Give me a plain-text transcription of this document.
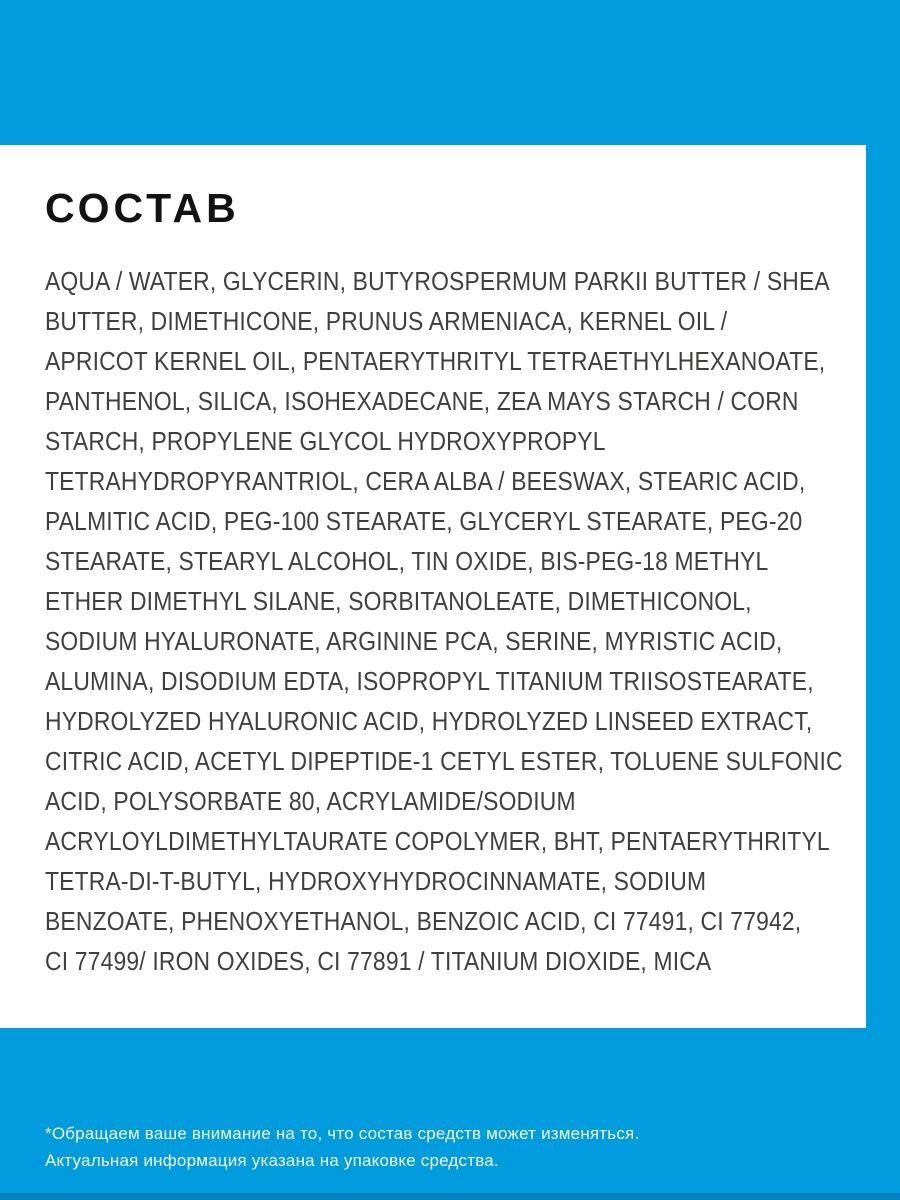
СОСТАВ
AQUA / WATER, GLYCERIN, BUTYROSPERMUM PARKII BUTTER / SHEA
BUTTER, DIMETHICONE, PRUNUS ARMENIACA, KERNEL OIL /
APRICOT KERNEL OIL, PENTAERYTHRITYL TETRAETHYLHEXANOATE,
PANTHENOL, SILICA, ISOHEXADECANE, ZEA MAYS STARCH / CORN
STARCH, PROPYLENE GLYCOL HYDROXYPROPYL
TETRAHYDROPYRANTRIOL, CERA ALBA / BEESWAX, STEARIC ACID,
PALMITIC ACID, PEG-100 STEARATE, GLYCERYL STEARATE, PEG-20
STEARATE, STEARYL ALCOHOL, TIN OXIDE, BIS-PEG-18 METHYL
ETHER DIMETHYL SILANE, SORBITANOLEATE, DIMETHICONOL,
SODIUM HYALURONATE, ARGININE PCA, SERINE, MYRISTIC ACID,
ALUMINA, DISODIUM EDTA, ISOPROPYL TITANIUM TRIISOSTEARATE,
HYDROLYZED HYALURONIC ACID, HYDROLYZED LINSEED EXTRACT,
CITRIC ACID, ACETYL DIPEPTIDE-1 CETYL ESTER, TOLUENE SULFONIC
ACID, POLYSORBATE 80, ACRYLAMIDE/SODIUM
ACRYLOYLDIMETHYLTAURATE COPOLYMER, BHT, PENTAERYTHRITYL
TETRA-DI-T-BUTYL, HYDROXYHYDROCINNAMATE, SODIUM
BENZOATE, PHENOXYETHANOL, BENZOIC ACID, CI 77491, CI 77942,
CI 77499/ IRON OXIDES, CI 77891 / TITANIUM DIOXIDE, MICA

*Обращаем ваше внимание на то, что состав средств может изменяться.

Актуальная информация указана на упаковке средства.
